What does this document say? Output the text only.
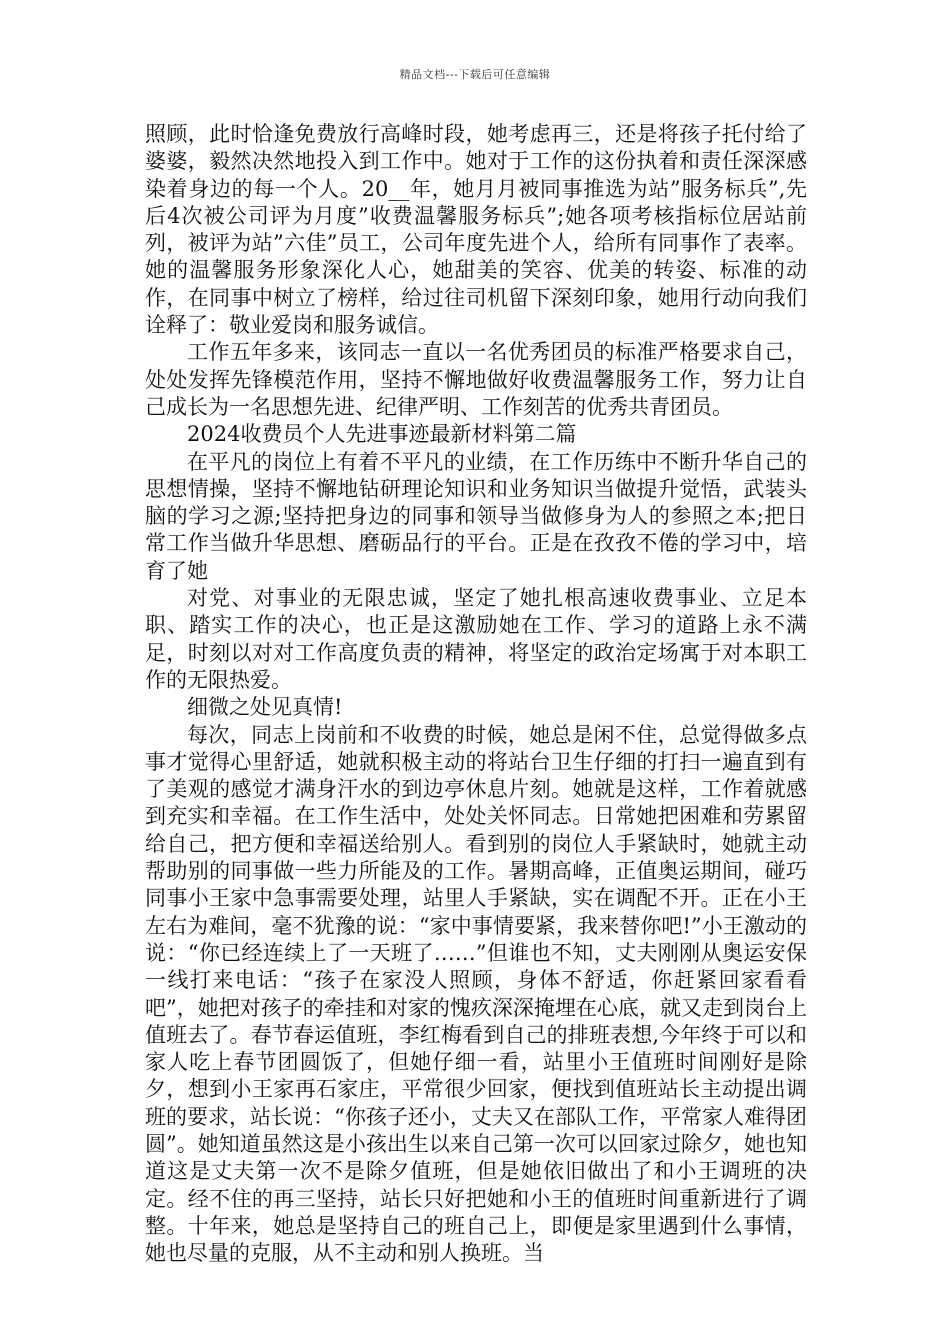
精品文档---下载后可任意编辑

照顾，此时恰逢免费放行高峰时段，她考虑再三，还是将孩子托付给了婆婆，毅然决然地投入到工作中。她对于工作的这份执着和责任深深感染着身边的每一个人。20__年，她月月被同事推选为站”服务标兵”,先后4次被公司评为月度”收费温馨服务标兵”;她各项考核指标位居站前列，被评为站”六佳”员工，公司年度先进个人，给所有同事作了表率。她的温馨服务形象深化人心，她甜美的笑容、优美的转姿、标准的动作，在同事中树立了榜样，给过往司机留下深刻印象，她用行动向我们诠释了：敬业爱岗和服务诚信。

工作五年多来，该同志一直以一名优秀团员的标准严格要求自己，处处发挥先锋模范作用，坚持不懈地做好收费温馨服务工作，努力让自己成长为一名思想先进、纪律严明、工作刻苦的优秀共青团员。

2024收费员个人先进事迹最新材料第二篇

在平凡的岗位上有着不平凡的业绩，在工作历练中不断升华自己的思想情操，坚持不懈地钻研理论知识和业务知识当做提升觉悟，武装头脑的学习之源;坚持把身边的同事和领导当做修身为人的参照之本;把日常工作当做升华思想、磨砺品行的平台。正是在孜孜不倦的学习中，培育了她

对党、对事业的无限忠诚，坚定了她扎根高速收费事业、立足本职、踏实工作的决心，也正是这激励她在工作、学习的道路上永不满足，时刻以对对工作高度负责的精神，将坚定的政治定场寓于对本职工作的无限热爱。

细微之处见真情!

每次，同志上岗前和不收费的时候，她总是闲不住，总觉得做多点事才觉得心里舒适，她就积极主动的将站台卫生仔细的打扫一遍直到有了美观的感觉才满身汗水的到边亭休息片刻。她就是这样，工作着就感到充实和幸福。在工作生活中，处处关怀同志。日常她把困难和劳累留给自己，把方便和幸福送给别人。看到别的岗位人手紧缺时，她就主动帮助别的同事做一些力所能及的工作。暑期高峰，正值奥运期间，碰巧同事小王家中急事需要处理，站里人手紧缺，实在调配不开。正在小王左右为难间，毫不犹豫的说：“家中事情要紧，我来替你吧!”小王激动的说：“你已经连续上了一天班了……”但谁也不知，丈夫刚刚从奥运安保一线打来电话：“孩子在家没人照顾，身体不舒适，你赶紧回家看看吧”，她把对孩子的牵挂和对家的愧疚深深掩埋在心底，就又走到岗台上值班去了。春节春运值班，李红梅看到自己的排班表想,今年终于可以和家人吃上春节团圆饭了，但她仔细一看，站里小王值班时间刚好是除夕，想到小王家再石家庄，平常很少回家，便找到值班站长主动提出调班的要求，站长说：“你孩子还小，丈夫又在部队工作，平常家人难得团圆”。她知道虽然这是小孩出生以来自己第一次可以回家过除夕，她也知道这是丈夫第一次不是除夕值班，但是她依旧做出了和小王调班的决定。经不住的再三坚持，站长只好把她和小王的值班时间重新进行了调整。十年来，她总是坚持自己的班自己上，即便是家里遇到什么事情，她也尽量的克服，从不主动和别人换班。当
